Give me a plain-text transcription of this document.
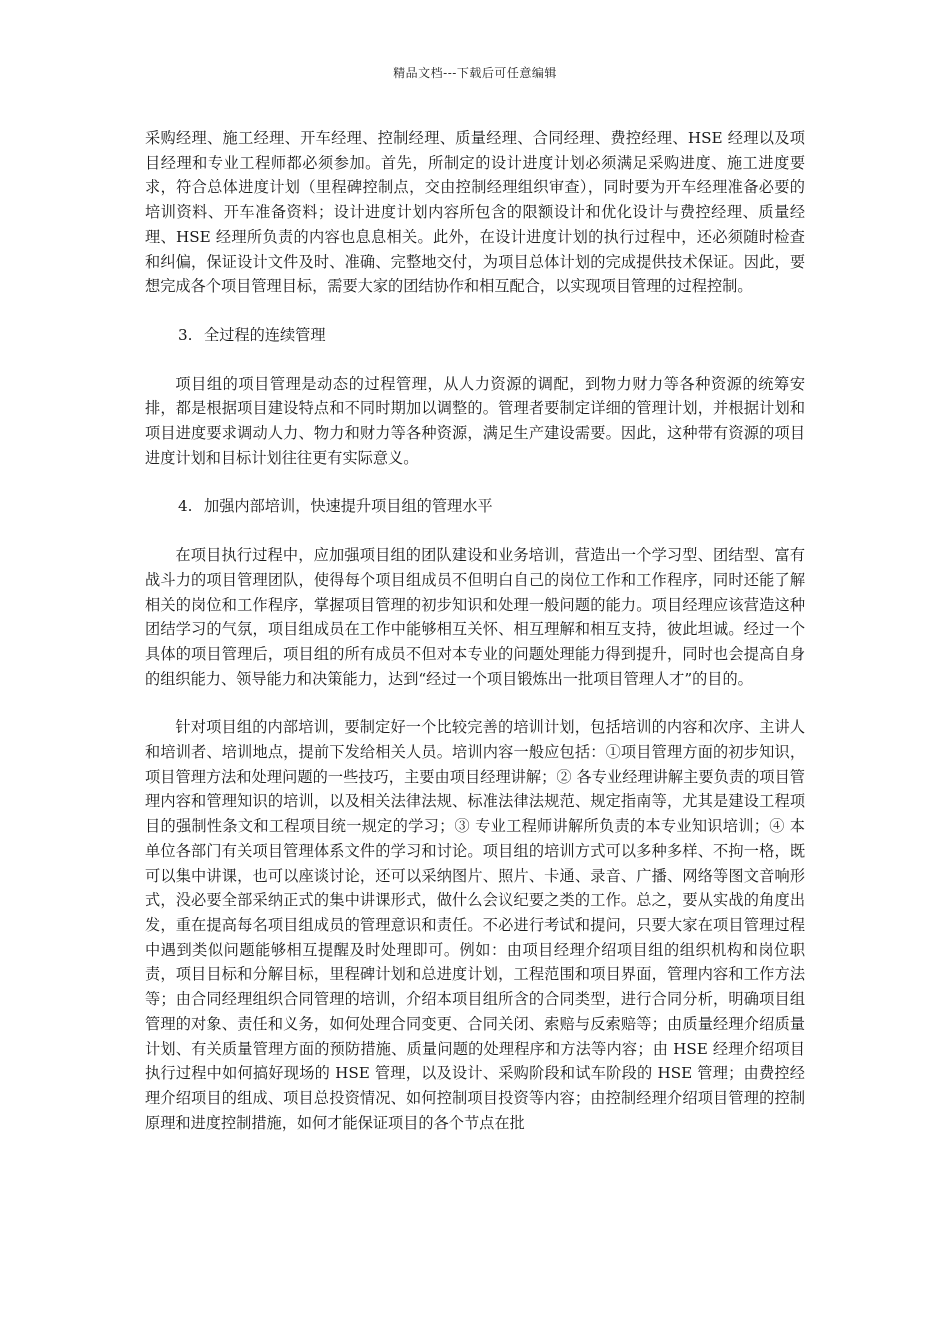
精品文档---下载后可任意编辑

采购经理、施工经理、开车经理、控制经理、质量经理、合同经理、费控经理、HSE 经理以及项目经理和专业工程师都必须参加。首先，所制定的设计进度计划必须满足采购进度、施工进度要求，符合总体进度计划（里程碑控制点，交由控制经理组织审查），同时要为开车经理准备必要的培训资料、开车准备资料；设计进度计划内容所包含的限额设计和优化设计与费控经理、质量经理、HSE 经理所负责的内容也息息相关。此外，在设计进度计划的执行过程中，还必须随时检查和纠偏，保证设计文件及时、准确、完整地交付，为项目总体计划的完成提供技术保证。因此，要想完成各个项目管理目标，需要大家的团结协作和相互配合，以实现项目管理的过程控制。

3. 全过程的连续管理

项目组的项目管理是动态的过程管理，从人力资源的调配，到物力财力等各种资源的统筹安排，都是根据项目建设特点和不同时期加以调整的。管理者要制定详细的管理计划，并根据计划和项目进度要求调动人力、物力和财力等各种资源，满足生产建设需要。因此，这种带有资源的项目进度计划和目标计划往往更有实际意义。

4. 加强内部培训，快速提升项目组的管理水平

在项目执行过程中，应加强项目组的团队建设和业务培训，营造出一个学习型、团结型、富有战斗力的项目管理团队，使得每个项目组成员不但明白自己的岗位工作和工作程序，同时还能了解相关的岗位和工作程序，掌握项目管理的初步知识和处理一般问题的能力。项目经理应该营造这种团结学习的气氛，项目组成员在工作中能够相互关怀、相互理解和相互支持，彼此坦诚。经过一个具体的项目管理后，项目组的所有成员不但对本专业的问题处理能力得到提升，同时也会提高自身的组织能力、领导能力和决策能力，达到“经过一个项目锻炼出一批项目管理人才”的目的。

针对项目组的内部培训，要制定好一个比较完善的培训计划，包括培训的内容和次序、主讲人和培训者、培训地点，提前下发给相关人员。培训内容一般应包括：①项目管理方面的初步知识，项目管理方法和处理问题的一些技巧，主要由项目经理讲解；② 各专业经理讲解主要负责的项目管理内容和管理知识的培训，以及相关法律法规、标准法律法规范、规定指南等，尤其是建设工程项目的强制性条文和工程项目统一规定的学习；③ 专业工程师讲解所负责的本专业知识培训；④ 本单位各部门有关项目管理体系文件的学习和讨论。项目组的培训方式可以多种多样、不拘一格，既可以集中讲课，也可以座谈讨论，还可以采纳图片、照片、卡通、录音、广播、网络等图文音响形式，没必要全部采纳正式的集中讲课形式，做什么会议纪要之类的工作。总之，要从实战的角度出发，重在提高每名项目组成员的管理意识和责任。不必进行考试和提问，只要大家在项目管理过程中遇到类似问题能够相互提醒及时处理即可。例如：由项目经理介绍项目组的组织机构和岗位职责，项目目标和分解目标，里程碑计划和总进度计划，工程范围和项目界面，管理内容和工作方法等；由合同经理组织合同管理的培训，介绍本项目组所含的合同类型，进行合同分析，明确项目组管理的对象、责任和义务，如何处理合同变更、合同关闭、索赔与反索赔等；由质量经理介绍质量计划、有关质量管理方面的预防措施、质量问题的处理程序和方法等内容；由 HSE 经理介绍项目执行过程中如何搞好现场的 HSE 管理，以及设计、采购阶段和试车阶段的 HSE 管理；由费控经理介绍项目的组成、项目总投资情况、如何控制项目投资等内容；由控制经理介绍项目管理的控制原理和进度控制措施，如何才能保证项目的各个节点在批
